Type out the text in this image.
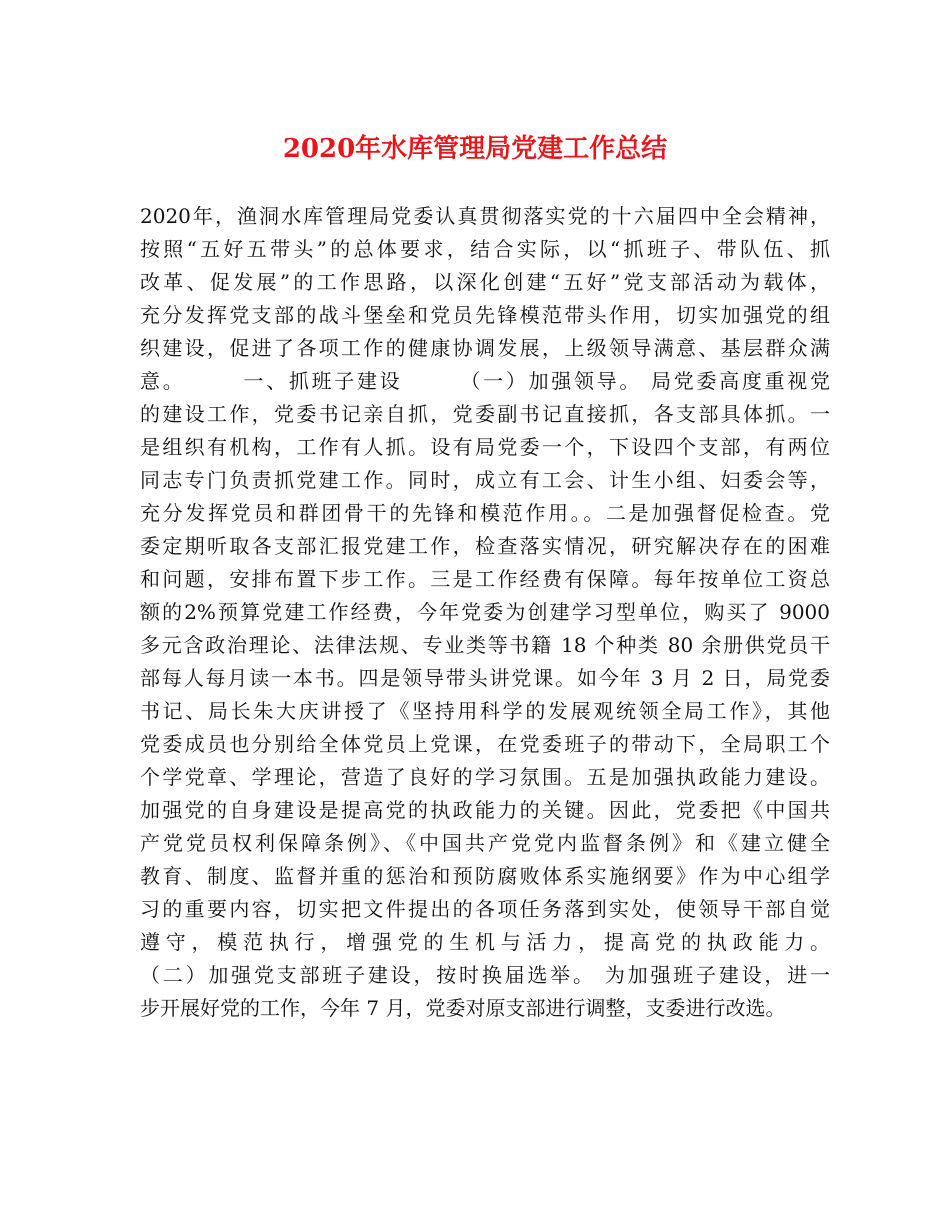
2020年水库管理局党建工作总结
2020年，渔洞水库管理局党委认真贯彻落实党的十六届四中全会精神，
按照“五好五带头”的总体要求，结合实际，以“抓班子、带队伍、抓
改革、促发展”的工作思路，以深化创建“五好”党支部活动为载体，
充分发挥党支部的战斗堡垒和党员先锋模范带头作用，切实加强党的组
织建设，促进了各项工作的健康协调发展，上级领导满意、基层群众满
意。　　　一、抓班子建设　　　（一）加强领导。 局党委高度重视党
的建设工作，党委书记亲自抓，党委副书记直接抓，各支部具体抓。一
是组织有机构，工作有人抓。设有局党委一个，下设四个支部，有两位
同志专门负责抓党建工作。同时，成立有工会、计生小组、妇委会等，
充分发挥党员和群团骨干的先锋和模范作用。。二是加强督促检查。党
委定期听取各支部汇报党建工作，检查落实情况，研究解决存在的困难
和问题，安排布置下步工作。三是工作经费有保障。每年按单位工资总
额的2%预算党建工作经费，今年党委为创建学习型单位，购买了 9000
多元含政治理论、法律法规、专业类等书籍 18 个种类 80 余册供党员干
部每人每月读一本书。四是领导带头讲党课。如今年 3 月 2 日，局党委
书记、局长朱大庆讲授了《坚持用科学的发展观统领全局工作》，其他
党委成员也分别给全体党员上党课，在党委班子的带动下，全局职工个
个学党章、学理论，营造了良好的学习氛围。五是加强执政能力建设。
加强党的自身建设是提高党的执政能力的关键。因此，党委把《中国共
产党党员权利保障条例》、《中国共产党党内监督条例》和《建立健全
教育、制度、监督并重的惩治和预防腐败体系实施纲要》作为中心组学
习的重要内容，切实把文件提出的各项任务落到实处，使领导干部自觉
遵守，模范执行，增强党的生机与活力，提高党的执政能力。
（二）加强党支部班子建设，按时换届选举。 为加强班子建设，进一
步开展好党的工作，今年 7 月，党委对原支部进行调整，支委进行改选。
